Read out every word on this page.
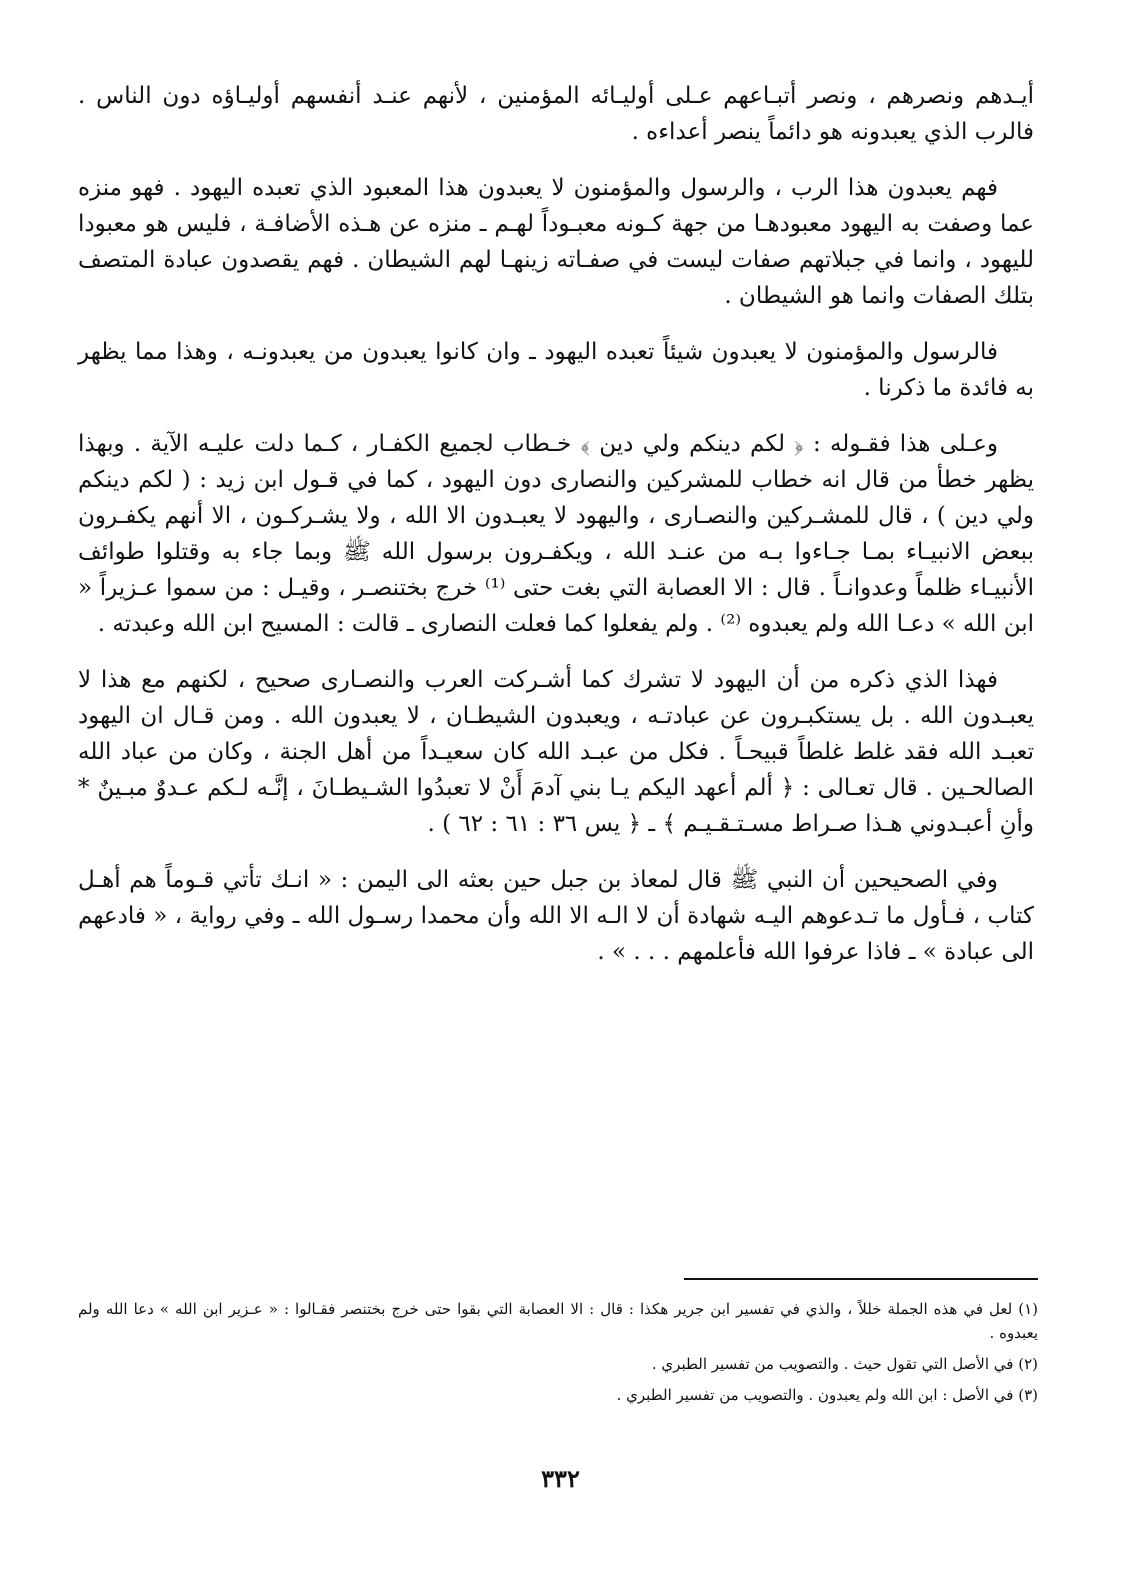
أيـدهم ونصرهم ، ونصر أتبـاعهم عـلى أوليـائه المؤمنين ، لأنهم عنـد أنفسهم أوليـاؤه دون الناس . فالرب الذي يعبدونه هو دائماً ينصر أعداءه .

فهم يعبدون هذا الرب ، والرسول والمؤمنون لا يعبدون هذا المعبود الذي تعبده اليهود . فهو منزه عما وصفت به اليهود معبودهـا من جهة كـونه معبـوداً لهـم ـ منزه عن هـذه الأضافـة ، فليس هو معبودا لليهود ، وانما في جبلاتهم صفات ليست في صفـاته زينهـا لهم الشيطان . فهم يقصدون عبادة المتصف بتلك الصفات وانما هو الشيطان .

فالرسول والمؤمنون لا يعبدون شيئاً تعبده اليهود ـ وان كانوا يعبدون من يعبدونـه ، وهذا مما يظهر به فائدة ما ذكرنا .

وعـلى هذا فقـوله : ﴿ لكم دينكم ولي دين ﴾ خـطاب لجميع الكفـار ، كـما دلت عليـه الآية . وبهذا يظهر خطأ من قال انه خطاب للمشركين والنصارى دون اليهود ، كما في قـول ابن زيد : ( لكم دينكم ولي دين ) ، قال للمشـركين والنصـارى ، واليهود لا يعبـدون الا الله ، ولا يشـركـون ، الا أنهم يكفـرون ببعض الانبيـاء بمـا جـاءوا بـه من عنـد الله ، ويكفـرون برسول الله ﷺ وبما جاء به وقتلوا طوائف الأنبيـاء ظلماً وعدوانـاً . قال : الا العصابة التي بغت حتى ⁽¹⁾ خرج بختنصـر ، وقيـل : من سموا عـزيراً « ابن الله » دعـا الله ولم يعبدوه ⁽²⁾ . ولم يفعلوا كما فعلت النصارى ـ قالت : المسيح ابن الله وعبدته .

فهذا الذي ذكره من أن اليهود لا تشرك كما أشـركت العرب والنصـارى صحيح ، لكنهم مع هذا لا يعبـدون الله . بل يستكبـرون عن عبادتـه ، ويعبدون الشيطـان ، لا يعبدون الله . ومن قـال ان اليهود تعبـد الله فقد غلط غلطاً قبيحـاً . فكل من عبـد الله كان سعيـداً من أهل الجنة ، وكان من عباد الله الصالحـين . قال تعـالى : ﴿ ألم أعهد اليكم يـا بني آدمَ أَنْ لا تعبدُوا الشـيطـانَ ، إنَّـه لـكم عـدوٌ مبـينٌ * وأنِ أعبـدوني هـذا صـراط مسـتـقـيـم ﴾ ـ ﴿ يس ٣٦ : ٦١ : ٦٢ ) .

وفي الصحيحين أن النبي ﷺ قال لمعاذ بن جبل حين بعثه الى اليمن : « انـك تأتي قـوماً هم أهـل كتاب ، فـأول ما تـدعوهم اليـه شهادة أن لا الـه الا الله وأن محمدا رسـول الله ـ وفي رواية ، « فادعهم الى عبادة » ـ فاذا عرفوا الله فأعلمهم . . . » .

(١) لعل في هذه الجملة خللاً ، والذي في تفسير ابن جرير هكذا : قال : الا العصابة التي بقوا حتى خرج بختنصر فقـالوا : « عـزير ابن الله » دعا الله ولم يعبدوه .

(٢) في الأصل التي تقول حيث . والتصويب من تفسير الطبري .

(٣) في الأصل : ابن الله ولم يعبدون . والتصويب من تفسير الطبري .

٣٣٢
